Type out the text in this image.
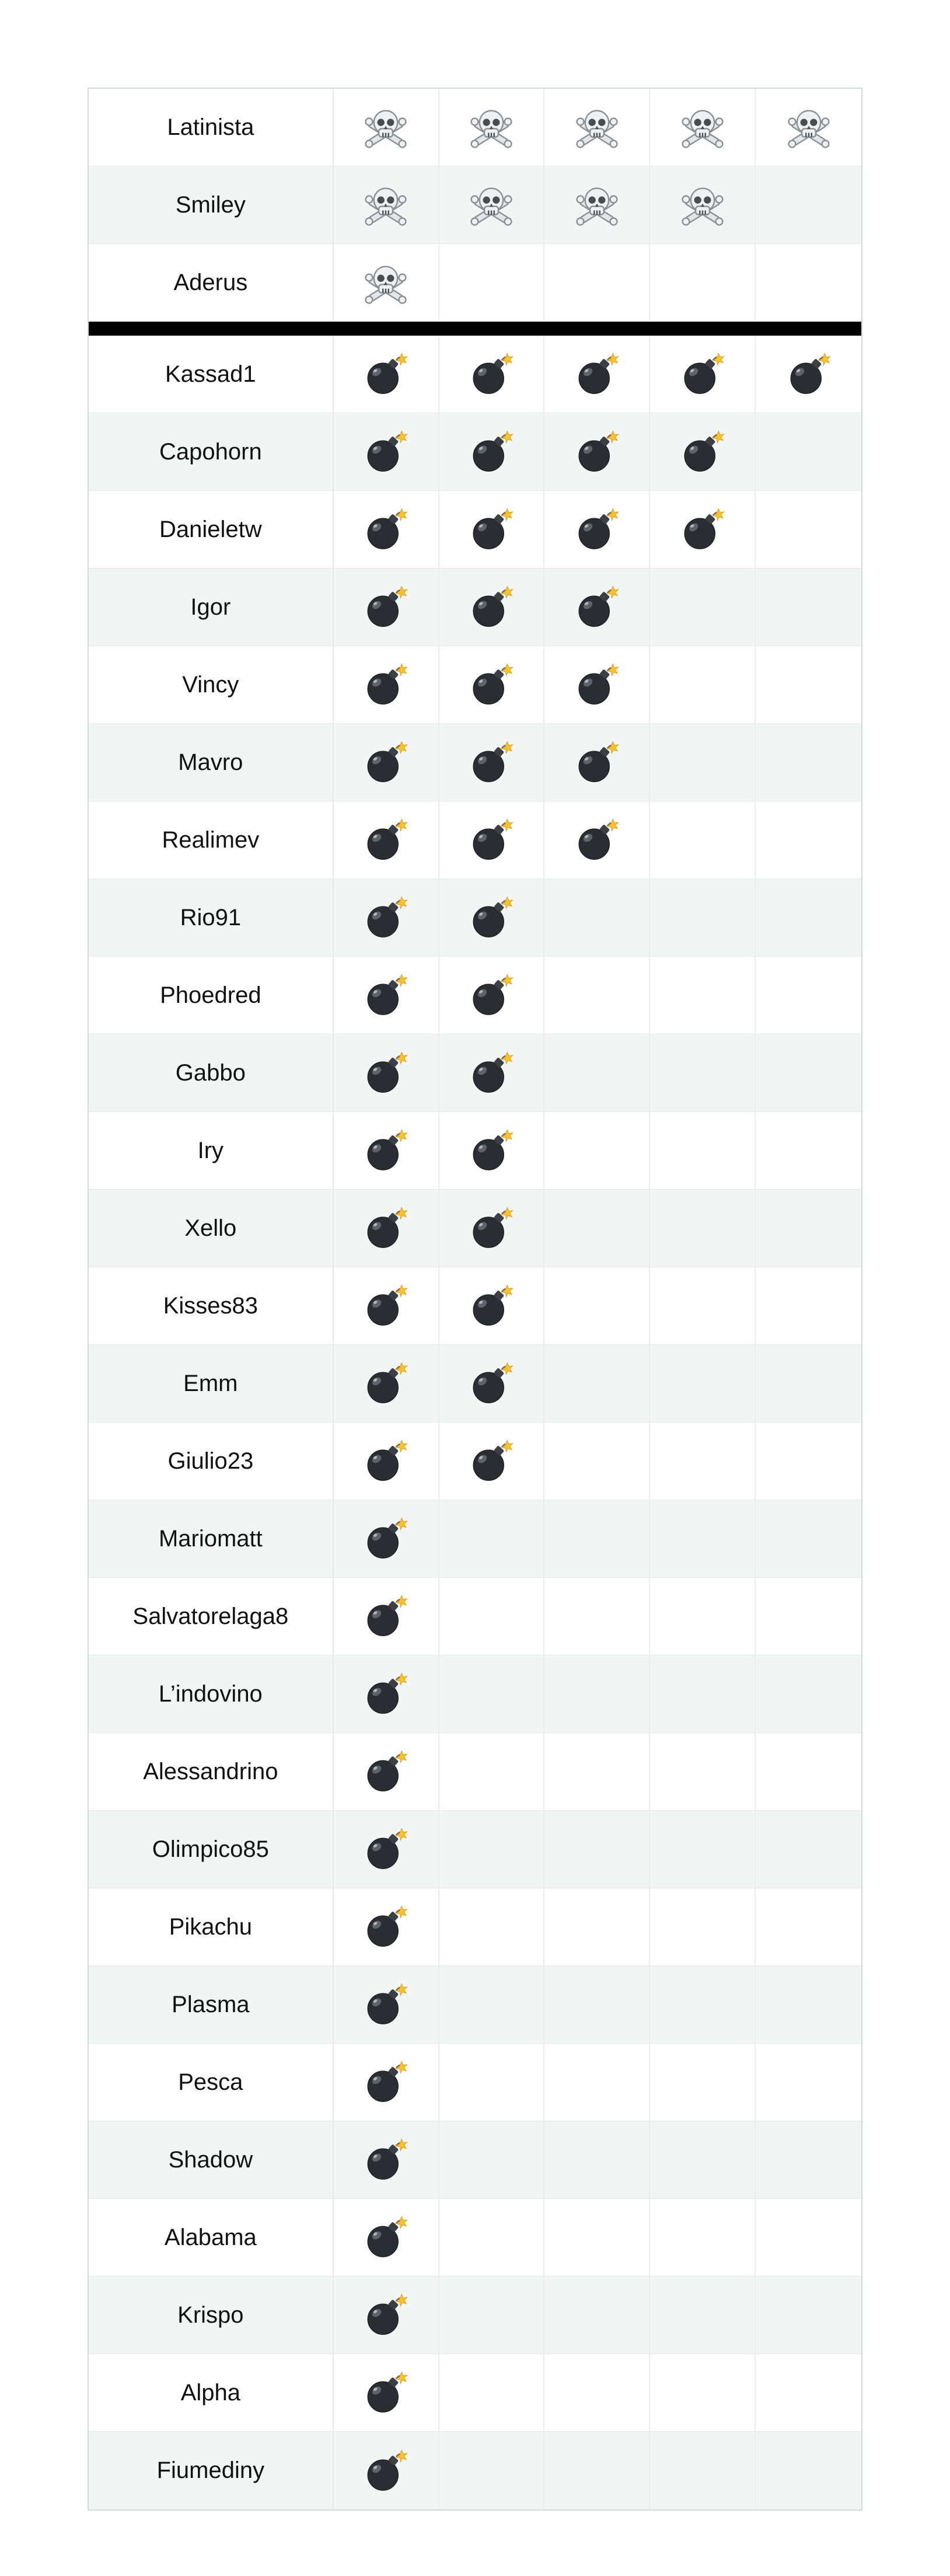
Latinista
Smiley
Aderus
Kassad1
Capohorn
Danieletw
Igor
Vincy
Mavro
Realimev
Rio91
Phoedred
Gabbo
Iry
Xello
Kisses83
Emm
Giulio23
Mariomatt
Salvatorelaga8
L’indovino
Alessandrino
Olimpico85
Pikachu
Plasma
Pesca
Shadow
Alabama
Krispo
Alpha
Fiumediny
